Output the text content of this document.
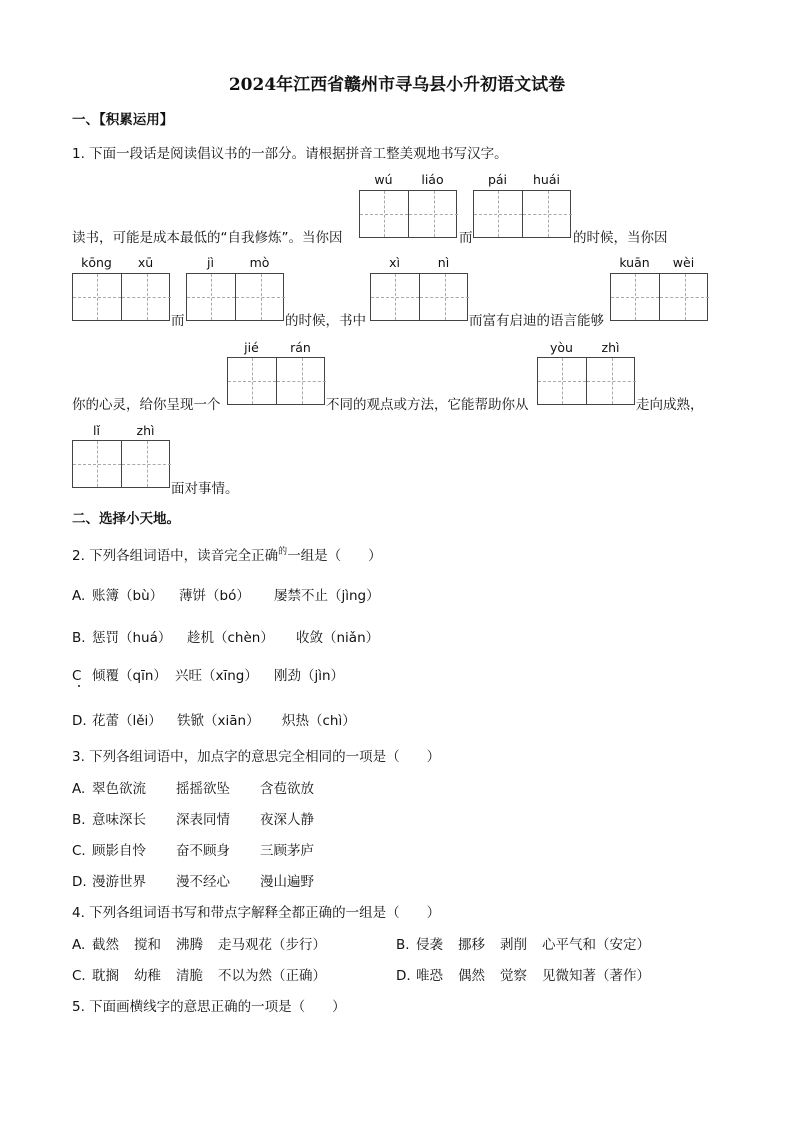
2024年江西省赣州市寻乌县小升初语文试卷
一、【积累运用】
1. 下面一段话是阅读倡议书的一部分。请根据拼音工整美观地书写汉字。
wú	liáo	pái	huái
读书，可能是成本最低的“自我修炼”。当你因	而	的时候，当你因
kōng	xū	jì	mò	xì	nì	kuān	wèi
而	的时候，书中	而富有启迪的语言能够
jié	rán	yòu	zhì
你的心灵，给你呈现一个	不同的观点或方法，它能帮助你从	走向成熟，
lǐ	zhì
面对事情。
二、选择小天地。
2. 下列各组词语中，读音完全正确$^的$一组是（　　）
A. 账簿（bù） 薄饼（bó） 屡禁不止（jìng）
B. 惩罚（huá） 趁机（chèn） 收敛（niǎn）
C 倾覆（qīn） 兴旺（xīng） 刚劲（jìn）
D. 花蕾（lěi） 铁锨（xiān） 炽热（chì）
3. 下列各组词语中，加点字的意思完全相同的一项是（　　）
A. 翠色欲流 摇摇欲坠 含苞欲放
B. 意味深长 深表同情 夜深人静
C. 顾影自怜 奋不顾身 三顾茅庐
D. 漫游世界 漫不经心 漫山遍野
4. 下列各组词语书写和带点字解释全都正确的一组是（　　）
A. 截然 搅和 沸腾 走马观花（步行）	B. 侵袭 挪移 剥削 心平气和（安定）
C. 耽搁 幼稚 清脆 不以为然（正确）	D. 唯恐 偶然 觉察 见微知著（著作）
5. 下面画横线字的意思正确的一项是（　　）
